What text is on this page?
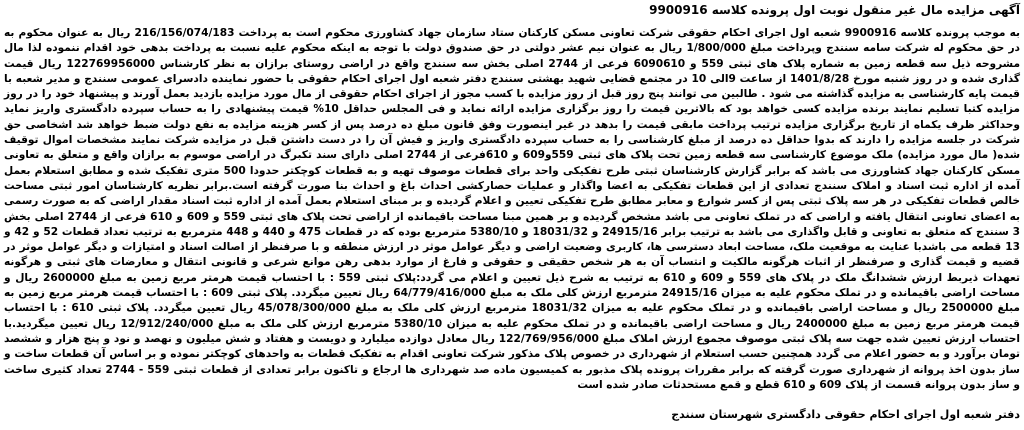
آگهی مزایده مال غیر منقول نوبت اول پرونده کلاسه 9900916
به موجب پرونده کلاسه 9900916 شعبه اول اجرای احکام حقوقی شرکت تعاونی مسکن کارکنان ستاد سازمان جهاد کشاورزی محکوم است به پرداخت 216/156/074/183 ریال به عنوان محکوم به در حق محکوم له شرکت سامه سنندج وپرداخت مبلغ 1/800/000 ریال به عنوان نیم عشر دولتی در حق صندوق دولت با توجه به اینکه محکوم علیه نسبت به پرداخت بدهی خود اقدام ننموده لذا مال مشروحه ذیل سه قطعه زمین به شماره پلاک های ثبتی 559 و 6090610 فرعی از 2744 اصلی بخش سه سنندج واقع در اراضی روستای برازان به نظر کارشناس 122769956000 ریال قیمت گذاری شده و در روز شنبه مورخ 1401/8/28 از ساعت 9الی 10 در مجتمع قضایی شهید بهشتی سنندج دفتر شعبه اول اجرای احکام حقوقی با حضور نماینده دادسرای عمومی سنندج و مدیر شعبه با قیمت پایه کارشناسی به مزایده گذاشته می شود . طالبین می توانند پنج روز قبل از روز مزایده با کسب مجوز از اجرای احکام حقوقی از مال مورد مزایده بازدید بعمل آورند و پیشنهاد خود را در روز مزایده کتبا تسلیم نمایند برنده مزایده کسی خواهد بود که بالاترین قیمت را روز برگزاری مزایده ارائه نماید و فی المجلس حداقل 10% قیمت پیشنهادی را به حساب سپرده دادگستری واریز نماید وحداکثر ظرف یکماه از تاریخ برگزاری مزایده ترتیب پرداخت مابقی قیمت را بدهد در غیر اینصورت وفق قانون مبلغ ده درصد پس از کسر هزینه مزایده به نفع دولت ضبط خواهد شد اشخاصی حق شرکت در جلسه مزایده را دارند که بدوا حداقل ده درصد از مبلغ کارشناسی را به حساب سپرده دادگستری واریز و فیش آن را در دست داشتن قبل در مزایده شرکت نمایند مشخصات اموال توقیف شده( مال مورد مزایده) ملک موضوع کارشناسی سه قطعه زمین تحت پلاک های ثبتی 559و609 و 610فرعی از 2744 اصلی دارای سند تکبرگ در اراضی موسوم به برازان واقع و متعلق به تعاونی مسکن کارکنان جهاد کشاورزی می باشد که برابر گزارش کارشناسان ثبتی طرح تفکیکی واحد برای قطعات موصوف تهیه و به قطعات کوچکتر حدودا 500 متری تفکیک شده و مطابق استعلام بعمل آمده از اداره ثبت اسناد و املاک سنندج تعدادی از این قطعات تفکیکی به اعضا واگذار و عملیات حصارکشی احداث باغ و احداث بنا صورت گرفته است.برابر نظریه کارشناسان امور ثبتی مساحت خالص قطعات تفکیکی در هر سه پلاک ثبتی پس از کسر شوارع و معابر مطابق طرح تفکیکی تعیین و اعلام گردیده و بر مبنای استعلام بعمل آمده از اداره ثبت اسناد مقدار اراضی که به صورت رسمی به اعضای تعاونی انتقال یافته و اراضی که در تملک تعاونی می باشد مشخص گردیده و بر همین مبنا مساحت باقیمانده از اراضی تحت پلاک های ثبتی 559 و 609 و 610 فرعی از 2744 اصلی بخش 3 سنندج که متعلق به تعاونی و قابل واگذاری می باشد به ترتیب برابر 24915/16 و 18031/32 و 5380/10 مترمربع بوده که در قطعات 475 و 440 و 448 مترمربع به ترتیب تعداد قطعات 52 و 42 و 13 قطعه می باشدبا عنایت به موقعیت ملک، مساحت ابعاد دسترسی ها، کاربری وضعیت اراضی و دیگر عوامل موثر در ارزش منطقه و با صرفنظر از اصالت اسناد و امتیازات و دیگر عوامل موثر در قضیه و قیمت گذاری و صرفنظر از اثبات هرگونه مالکیت و انتساب آن به هر شخص حقیقی و حقوقی و فارغ از موارد بدهی رهن موانع شرعی و قانونی انتقال و معارضات های ثبتی و هرگونه تعهدات ذیربط ارزش ششدانگ ملک در پلاک های 559 و 609 و 610 به ترتیب به شرح ذیل تعیین و اعلام می گردد:پلاک ثبتی 559 : با احتساب قیمت هرمتر مربع زمین به مبلغ 2600000 ریال و مساحت اراضی باقیمانده و در تملک محکوم علیه به میزان 24915/16 مترمربع ارزش کلی ملک به مبلغ 64/779/416/000 ریال تعیین میگردد. پلاک ثبتی 609 : با احتساب قیمت هرمتر مربع زمین به مبلغ 2500000 ریال و مساحت اراضی باقیمانده و در تملک محکوم علیه به میزان 18031/32 مترمربع ارزش کلی ملک به مبلغ 45/078/300/000 ریال تعیین میگردد. پلاک ثبتی 610 : با احتساب قیمت هرمتر مربع زمین به مبلغ 2400000 ریال و مساحت اراضی باقیمانده و در تملک محکوم علیه به میزان 5380/10 مترمربع ارزش کلی ملک به مبلغ 12/912/240/000 ریال تعیین میگردید.با احتساب ارزش تعیین شده جهت سه پلاک ثبتی موصوف مجموع ارزش املاک مبلغ 122/769/956/000 ریال معادل دوازده میلیارد و دویست و هفتاد و شش میلیون و نهصد و نود و پنج هزار و ششصد تومان برآورد و به حضور اعلام می گردد همچنین حسب استعلام از شهرداری در خصوص پلاک مذکور شرکت تعاونی اقدام به تفکیک قطعات به واحدهای کوچکتر نموده و بر اساس آن قطعات ساخت و ساز بدون اخذ پروانه از شهرداری صورت گرفته که برابر مقررات پرونده پلاک مذبور به کمیسیون ماده صد شهرداری ها ارجاع و تاکنون برابر تعدادی از قطعات ثبتی 559 - 2744 تعداد کثیری ساخت و ساز بدون پروانه قسمت از پلاک 609 و 610 قطع و قمع مستحدثات صادر شده است
دفتر شعبه اول اجرای احکام حقوقی دادگستری شهرستان سنندج
